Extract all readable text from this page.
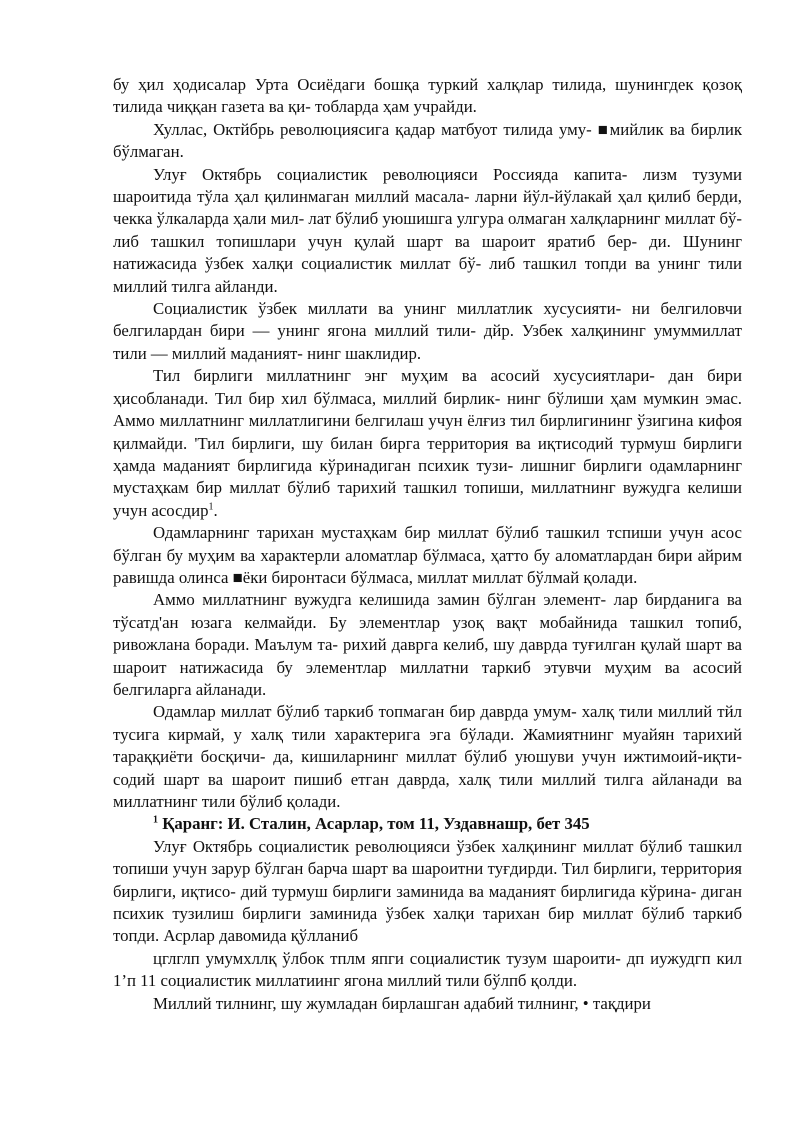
бу ҳил ҳодисалар Урта Осиёдаги бошқа туркий халқлар тилида, шунингдек қозоқ тилида чиққан газета ва қи- тобларда ҳам учрайди.

Хуллас, Октйбрь революциясига қадар матбуот тилида уму- ■мийлик ва бирлик бўлмаган.

Улуғ Октябрь социалистик революцияси Россияда капита- лизм тузуми шароитида тўла ҳал қилинмаган миллий масала- ларни йўл-йўлакай ҳал қилиб берди, чекка ўлкаларда ҳали мил- лат бўлиб уюшишга улгура олмаган халқларнинг миллат бў- либ ташкил топишлари учун қулай шарт ва шароит яратиб бер- ди. Шунинг натижасида ўзбек халқи социалистик миллат бў- либ ташкил топди ва унинг тили миллий тилга айланди.

Социалистик ўзбек миллати ва унинг миллатлик хусусияти- ни белгиловчи белгилардан бири — унинг ягона миллий тили- дйр. Узбек халқининг умуммиллат тили — миллий маданият- нинг шаклидир.

Тил бирлиги миллатнинг энг муҳим ва асосий хусусиятлари- дан бири ҳисобланади. Тил бир хил бўлмаса, миллий бирлик- нинг бўлиши ҳам мумкин эмас. Аммо миллатнинг миллатлигини белгилаш учун ёлғиз тил бирлигининг ўзигина кифоя қилмайди. 'Тил бирлиги, шу билан бирга территория ва иқтисодий турмуш бирлиги ҳамда маданият бирлигида кўринадиган психик тузи- лишниг бирлиги одамларнинг мустаҳкам бир миллат бўлиб тарихий ташкил топиши, миллатнинг вужудга келиши учун асосдир$^1$.

Одамларнинг тарихан мустаҳкам бир миллат бўлиб ташкил тспиши учун асос бўлган бу муҳим ва характерли аломатлар бўлмаса, ҳатто бу аломатлардан бири айрим равишда олинса ■ёки биронтаси бўлмаса, миллат миллат бўлмай қолади.

Аммо миллатнинг вужудга келишида замин бўлган элемент- лар бирданига ва тўсатд'ан юзага келмайди. Бу элементлар узоқ вақт мобайнида ташкил топиб, ривожлана боради. Маълум та- рихий даврга келиб, шу даврда туғилган қулай шарт ва шароит натижасида бу элементлар миллатни таркиб этувчи муҳим ва асосий белгиларга айланади.

Одамлар миллат бўлиб таркиб топмаган бир даврда умум- халқ тили миллий тйл тусига кирмай, у халқ тили характерига эга бўлади. Жамиятнинг муайян тарихий тараққиёти босқичи- да, кишиларнинг миллат бўлиб уюшуви учун ижтимоий-иқти- содий шарт ва шароит пишиб етган даврда, халқ тили миллий тилга айланади ва миллатнинг тили бўлиб қолади.

$^1$ Қаранг: И. Сталин, Асарлар, том 11, Уздавнашр, бет 345

Улуғ Октябрь социалистик революцияси ўзбек халқининг миллат бўлиб ташкил топиши учун зарур бўлган барча шарт ва шароитни туғдирди. Тил бирлиги, территория бирлиги, иқтисо- дий турмуш бирлиги заминида ва маданият бирлигида кўрина- диган психик тузилиш бирлиги заминида ўзбек халқи тарихан бир миллат бўлиб таркиб топди. Асрлар давомида қўлланиб

цглглп умумхллқ ўлбок тплм япги социалистик тузум шароити- дп иужудгп кил 1’п 11 социалистик миллатиинг ягона миллий тили бўлпб қолди.

Миллий тилнинг, шу жумладан бирлашган адабий тилнинг, • тақдири
